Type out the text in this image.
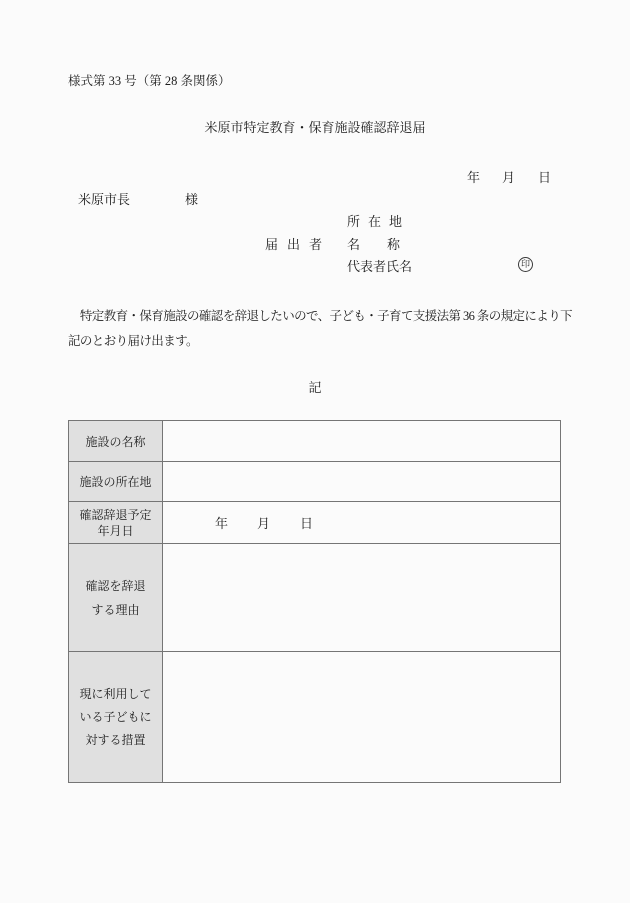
様式第 33 号（第 28 条関係）
米原市特定教育・保育施設確認辞退届
年 月 日
米原市長	様
所在地
届出者 名称
代表者氏名	印
　特定教育・保育施設の確認を辞退したいので、子ども・子育て支援法第 36 条の規定により下
記のとおり届け出ます。
記
施設の名称	

施設の所在地	

確認辞退予定
年月日	年 月 日

確認を辞退
する理由	

現に利用して
いる子どもに
対する措置	
